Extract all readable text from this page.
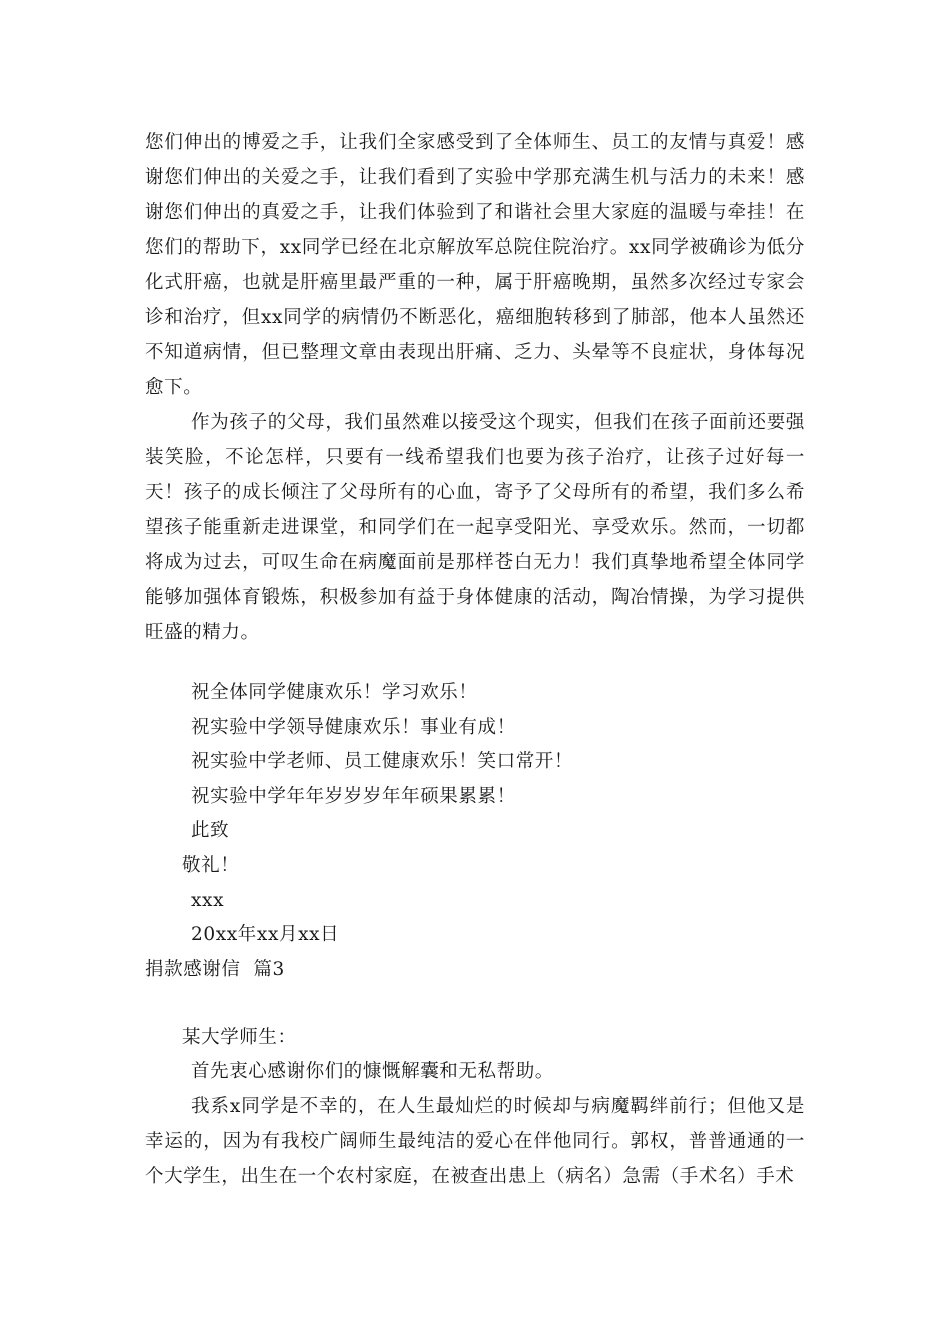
您们伸出的博爱之手，让我们全家感受到了全体师生、员工的友情与真爱！感谢您们伸出的关爱之手，让我们看到了实验中学那充满生机与活力的未来！感谢您们伸出的真爱之手，让我们体验到了和谐社会里大家庭的温暖与牵挂！在您们的帮助下，xx同学已经在北京解放军总院住院治疗。xx同学被确诊为低分化式肝癌，也就是肝癌里最严重的一种，属于肝癌晚期，虽然多次经过专家会诊和治疗，但xx同学的病情仍不断恶化，癌细胞转移到了肺部，他本人虽然还不知道病情，但已整理文章由表现出肝痛、乏力、头晕等不良症状，身体每况愈下。

作为孩子的父母，我们虽然难以接受这个现实，但我们在孩子面前还要强装笑脸，不论怎样，只要有一线希望我们也要为孩子治疗，让孩子过好每一天！孩子的成长倾注了父母所有的心血，寄予了父母所有的希望，我们多么希望孩子能重新走进课堂，和同学们在一起享受阳光、享受欢乐。然而，一切都将成为过去，可叹生命在病魔面前是那样苍白无力！我们真挚地希望全体同学能够加强体育锻炼，积极参加有益于身体健康的活动，陶冶情操，为学习提供旺盛的精力。

祝全体同学健康欢乐！学习欢乐！
祝实验中学领导健康欢乐！事业有成！
祝实验中学老师、员工健康欢乐！笑口常开！
祝实验中学年年岁岁岁年年硕果累累！
此致
敬礼！
xxx
20xx年xx月xx日
捐款感谢信  篇3
某大学师生：
首先衷心感谢你们的慷慨解囊和无私帮助。

我系x同学是不幸的，在人生最灿烂的时候却与病魔羁绊前行；但他又是幸运的，因为有我校广阔师生最纯洁的爱心在伴他同行。郭权，普普通通的一个大学生，出生在一个农村家庭，在被查出患上（病名）急需（手术名）手术
